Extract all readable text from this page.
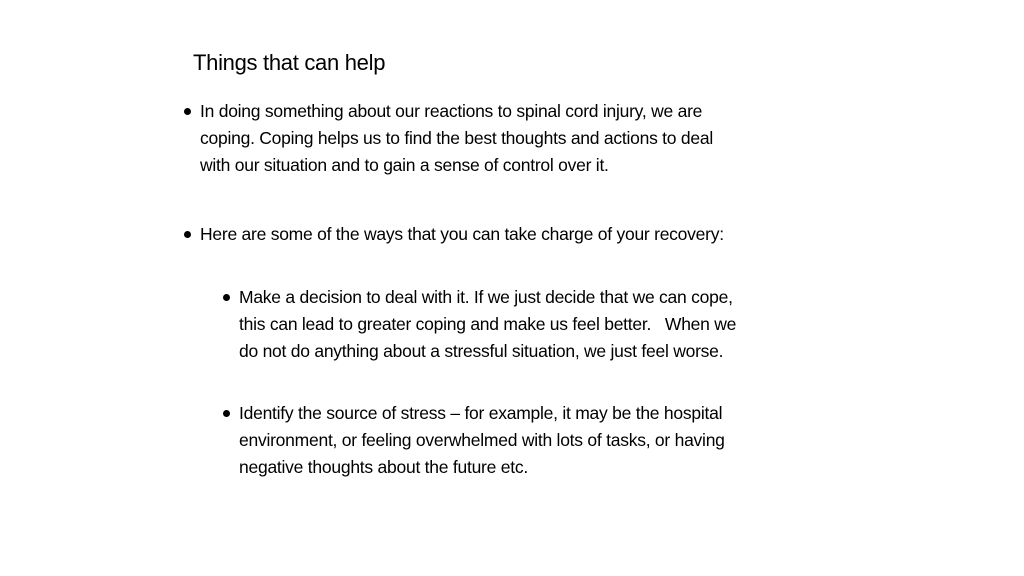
Things that can help
In doing something about our reactions to spinal cord injury, we are
coping. Coping helps us to find the best thoughts and actions to deal
with our situation and to gain a sense of control over it.
Here are some of the ways that you can take charge of your recovery:
Make a decision to deal with it. If we just decide that we can cope,
this can lead to greater coping and make us feel better.   When we
do not do anything about a stressful situation, we just feel worse.
Identify the source of stress – for example, it may be the hospital
environment, or feeling overwhelmed with lots of tasks, or having
negative thoughts about the future etc.
